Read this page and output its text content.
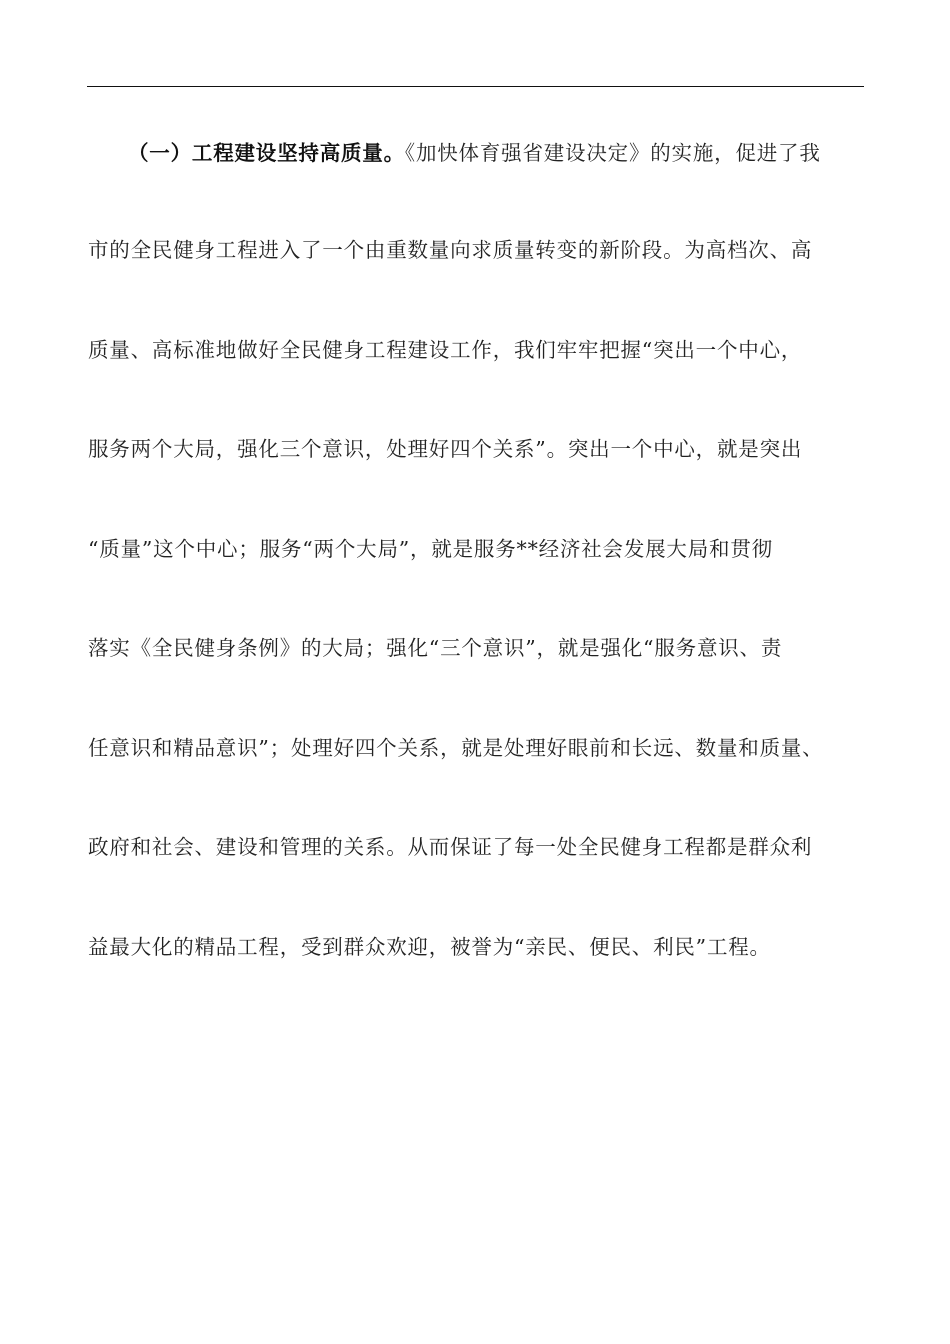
（一）工程建设坚持高质量。《加快体育强省建设决定》的实施，促进了我
市的全民健身工程进入了一个由重数量向求质量转变的新阶段。为高档次、高
质量、高标准地做好全民健身工程建设工作，我们牢牢把握“突出一个中心，
服务两个大局，强化三个意识，处理好四个关系”。突出一个中心，就是突出
“质量”这个中心；服务“两个大局”，就是服务**经济社会发展大局和贯彻
落实《全民健身条例》的大局；强化“三个意识”，就是强化“服务意识、责
任意识和精品意识”；处理好四个关系，就是处理好眼前和长远、数量和质量、
政府和社会、建设和管理的关系。从而保证了每一处全民健身工程都是群众利
益最大化的精品工程，受到群众欢迎，被誉为“亲民、便民、利民”工程。
